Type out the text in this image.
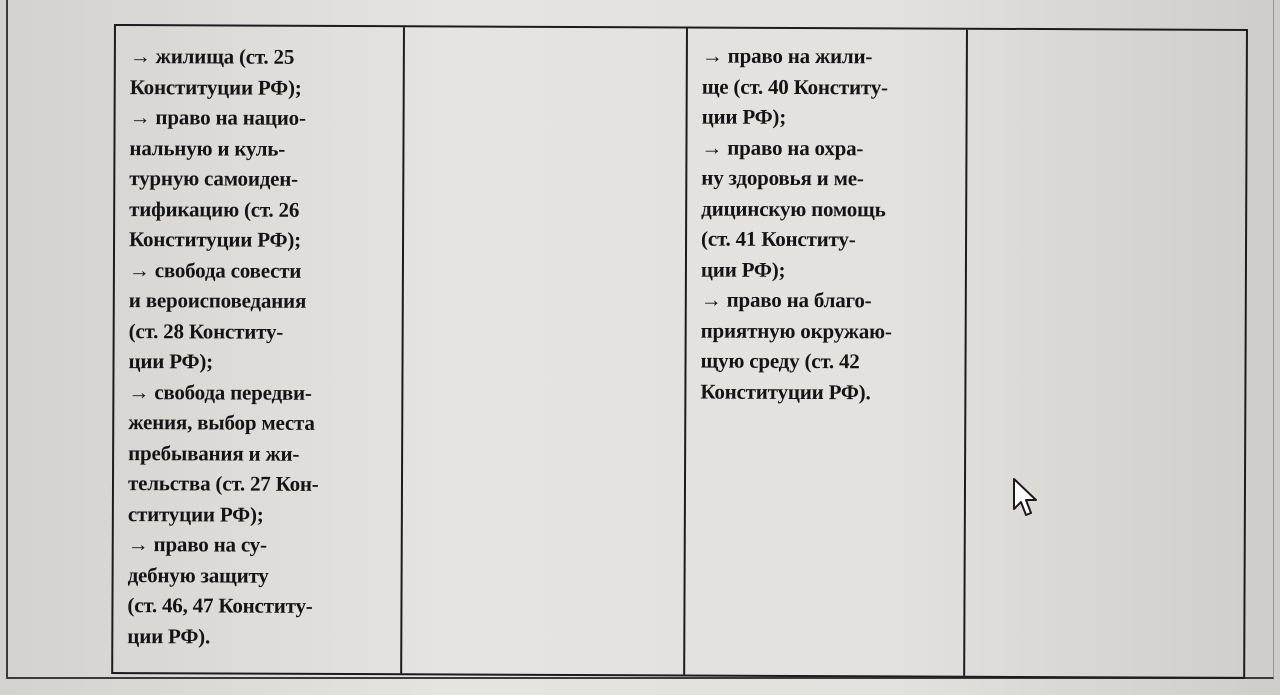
→ жилища (ст. 25
Конституции РФ);
→ право на нацио-
нальную и куль-
турную самоиден-
тификацию (ст. 26
Конституции РФ);
→ свобода совести
и вероисповедания
(ст. 28 Конститу-
ции РФ);
→ свобода передви-
жения, выбор места
пребывания и жи-
тельства (ст. 27 Кон-
ституции РФ);
→ право на су-
дебную защиту
(ст. 46, 47 Конститу-
ции РФ).
→ право на жили-
ще (ст. 40 Конститу-
ции РФ);
→ право на охра-
ну здоровья и ме-
дицинскую помощь
(ст. 41 Конститу-
ции РФ);
→ право на благо-
приятную окружаю-
щую среду (ст. 42
Конституции РФ).
